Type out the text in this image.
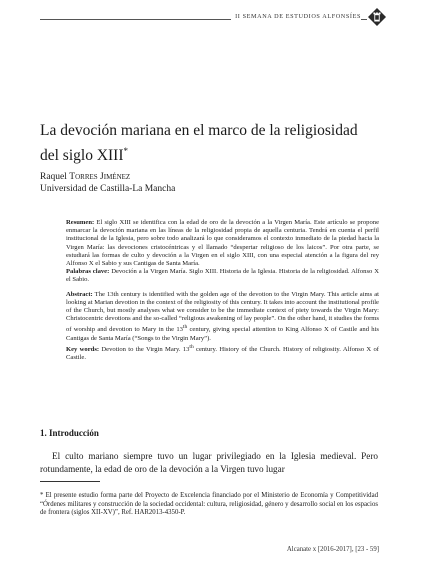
II SEMANA DE ESTUDIOS ALFONSÍES
La devoción mariana en el marco de la religiosidad del siglo XIII*
Raquel Torres Jiménez
Universidad de Castilla-La Mancha

Resumen: El siglo XIII se identifica con la edad de oro de la devoción a la Virgen María. Este artículo se propone enmarcar la devoción mariana en las líneas de la religiosidad propia de aquella centuria. Tendrá en cuenta el perfil institucional de la Iglesia, pero sobre todo analizará lo que consideramos el contexto inmediato de la piedad hacia la Virgen María: las devociones cristocéntricas y el llamado “despertar religioso de los laicos”. Por otra parte, se estudiará las formas de culto y devoción a la Virgen en el siglo XIII, con una especial atención a la figura del rey Alfonso X el Sabio y sus Cantigas de Santa María.
Palabras clave: Devoción a la Virgen María. Siglo XIII. Historia de la Iglesia. Historia de la religiosidad. Alfonso X el Sabio.

Abstract: The 13th century is identified with the golden age of the devotion to the Virgin Mary. This article aims at looking at Marian devotion in the context of the religiosity of this century. It takes into account the institutional profile of the Church, but mostly analyses what we consider to be the immediate context of piety towards the Virgin Mary: Christocentric devotions and the so-called “religious awakening of lay people”. On the other hand, it studies the forms of worship and devotion to Mary in the 13th century, giving special attention to King Alfonso X of Castile and his Cantigas de Santa María (“Songs to the Virgin Mary”).
Key words: Devotion to the Virgin Mary. 13th century. History of the Church. History of religiosity. Alfonso X of Castile.

1. Introducción
El culto mariano siempre tuvo un lugar privilegiado en la Iglesia medieval. Pero rotundamente, la edad de oro de la devoción a la Virgen tuvo lugar
* El presente estudio forma parte del Proyecto de Excelencia financiado por el Ministerio de Economía y Competitividad “Órdenes militares y construcción de la sociedad occidental: cultura, religiosidad, género y desarrollo social en los espacios de frontera (siglos XII-XV)”, Ref. HAR2013-4350-P.
Alcanate x [2016-2017], [23 - 59]
